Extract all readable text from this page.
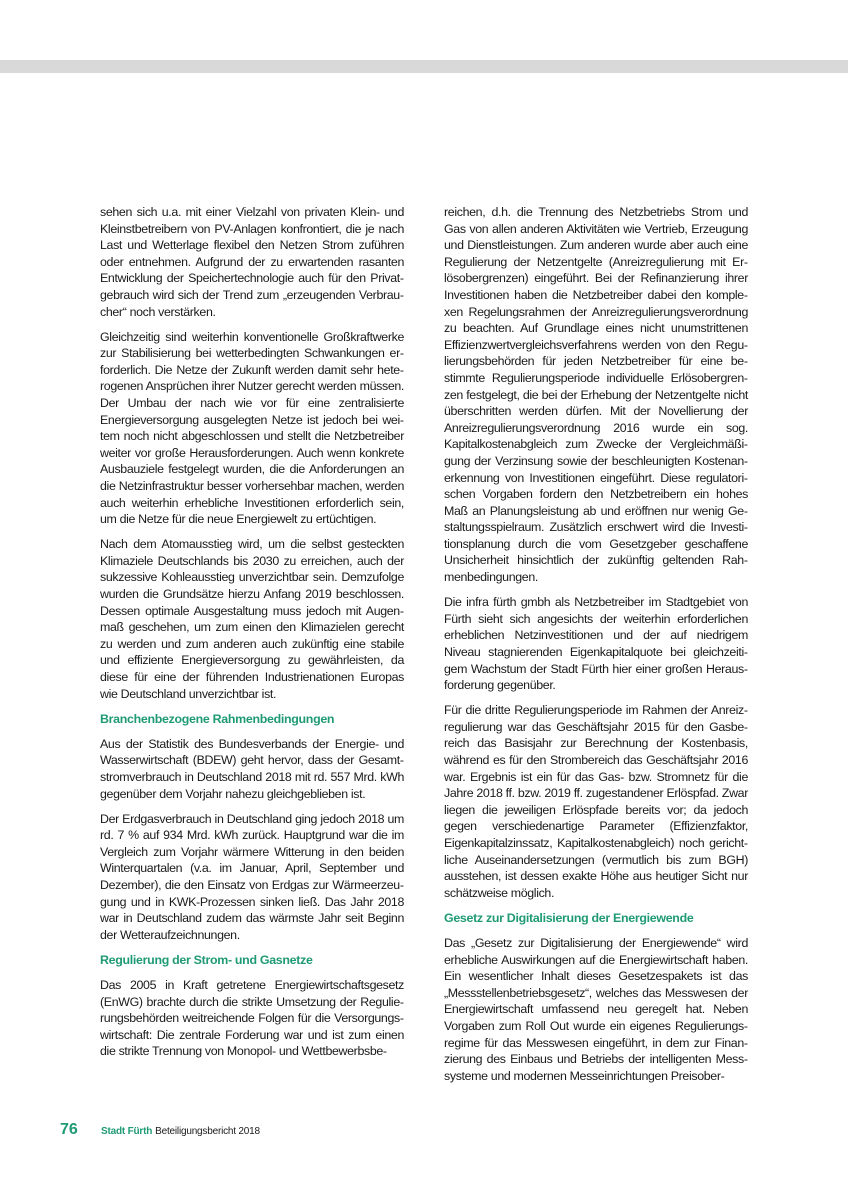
sehen sich u.a. mit einer Vielzahl von privaten Klein- und Kleinstbetreibern von PV-Anlagen konfrontiert, die je nach Last und Wetterlage flexibel den Netzen Strom zuführen oder entnehmen. Aufgrund der zu erwartenden rasanten Entwicklung der Speichertechnologie auch für den Privatgebrauch wird sich der Trend zum „erzeugenden Verbraucher“ noch verstärken.

Gleichzeitig sind weiterhin konventionelle Großkraftwerke zur Stabilisierung bei wetterbedingten Schwankungen erforderlich. Die Netze der Zukunft werden damit sehr heterogenen Ansprüchen ihrer Nutzer gerecht werden müssen. Der Umbau der nach wie vor für eine zentralisierte Energieversorgung ausgelegten Netze ist jedoch bei weitem noch nicht abgeschlossen und stellt die Netzbetreiber weiter vor große Herausforderungen. Auch wenn konkrete Ausbauziele festgelegt wurden, die die Anforderungen an die Netzinfrastruktur besser vorhersehbar machen, werden auch weiterhin erhebliche Investitionen erforderlich sein, um die Netze für die neue Energiewelt zu ertüchtigen.

Nach dem Atomausstieg wird, um die selbst gesteckten Klimaziele Deutschlands bis 2030 zu erreichen, auch der sukzessive Kohleausstieg unverzichtbar sein. Demzufolge wurden die Grundsätze hierzu Anfang 2019 beschlossen. Dessen optimale Ausgestaltung muss jedoch mit Augenmaß geschehen, um zum einen den Klimazielen gerecht zu werden und zum anderen auch zukünftig eine stabile und effiziente Energieversorgung zu gewährleisten, da diese für eine der führenden Industrienationen Europas wie Deutschland unverzichtbar ist.

Branchenbezogene Rahmenbedingungen

Aus der Statistik des Bundesverbands der Energie- und Wasserwirtschaft (BDEW) geht hervor, dass der Gesamtstromverbrauch in Deutschland 2018 mit rd. 557 Mrd. kWh gegenüber dem Vorjahr nahezu gleichgeblieben ist.

Der Erdgasverbrauch in Deutschland ging jedoch 2018 um rd. 7 % auf 934 Mrd. kWh zurück. Hauptgrund war die im Vergleich zum Vorjahr wärmere Witterung in den beiden Winterquartalen (v.a. im Januar, April, September und Dezember), die den Einsatz von Erdgas zur Wärmeerzeugung und in KWK-Prozessen sinken ließ. Das Jahr 2018 war in Deutschland zudem das wärmste Jahr seit Beginn der Wetteraufzeichnungen.

Regulierung der Strom- und Gasnetze

Das 2005 in Kraft getretene Energiewirtschaftsgesetz (EnWG) brachte durch die strikte Umsetzung der Regulierungsbehörden weitreichende Folgen für die Versorgungswirtschaft: Die zentrale Forderung war und ist zum einen die strikte Trennung von Monopol- und Wettbewerbsbe-

reichen, d.h. die Trennung des Netzbetriebs Strom und Gas von allen anderen Aktivitäten wie Vertrieb, Erzeugung und Dienstleistungen. Zum anderen wurde aber auch eine Regulierung der Netzentgelte (Anreizregulierung mit Erlösobergrenzen) eingeführt. Bei der Refinanzierung ihrer Investitionen haben die Netzbetreiber dabei den komplexen Regelungsrahmen der Anreizregulierungsverordnung zu beachten. Auf Grundlage eines nicht unumstrittenen Effizienzwertvergleichsverfahrens werden von den Regulierungsbehörden für jeden Netzbetreiber für eine bestimmte Regulierungsperiode individuelle Erlösobergrenzen festgelegt, die bei der Erhebung der Netzentgelte nicht überschritten werden dürfen. Mit der Novellierung der Anreizregulierungsverordnung 2016 wurde ein sog. Kapitalkostenabgleich zum Zwecke der Vergleichmäßigung der Verzinsung sowie der beschleunigten Kostenanerkennung von Investitionen eingeführt. Diese regulatorischen Vorgaben fordern den Netzbetreibern ein hohes Maß an Planungsleistung ab und eröffnen nur wenig Gestaltungsspielraum. Zusätzlich erschwert wird die Investitionsplanung durch die vom Gesetzgeber geschaffene Unsicherheit hinsichtlich der zukünftig geltenden Rahmenbedingungen.

Die infra fürth gmbh als Netzbetreiber im Stadtgebiet von Fürth sieht sich angesichts der weiterhin erforderlichen erheblichen Netzinvestitionen und der auf niedrigem Niveau stagnierenden Eigenkapitalquote bei gleichzeitigem Wachstum der Stadt Fürth hier einer großen Herausforderung gegenüber.

Für die dritte Regulierungsperiode im Rahmen der Anreizregulierung war das Geschäftsjahr 2015 für den Gasbereich das Basisjahr zur Berechnung der Kostenbasis, während es für den Strombereich das Geschäftsjahr 2016 war. Ergebnis ist ein für das Gas- bzw. Stromnetz für die Jahre 2018 ff. bzw. 2019 ff. zugestandener Erlöspfad. Zwar liegen die jeweiligen Erlöspfade bereits vor; da jedoch gegen verschiedenartige Parameter (Effizienzfaktor, Eigenkapitalzinssatz, Kapitalkostenabgleich) noch gerichtliche Auseinandersetzungen (vermutlich bis zum BGH) ausstehen, ist dessen exakte Höhe aus heutiger Sicht nur schätzweise möglich.

Gesetz zur Digitalisierung der Energiewende

Das „Gesetz zur Digitalisierung der Energiewende“ wird erhebliche Auswirkungen auf die Energiewirtschaft haben. Ein wesentlicher Inhalt dieses Gesetzespakets ist das „Messstellenbetriebsgesetz“, welches das Messwesen der Energiewirtschaft umfassend neu geregelt hat. Neben Vorgaben zum Roll Out wurde ein eigenes Regulierungsregime für das Messwesen eingeführt, in dem zur Finanzierung des Einbaus und Betriebs der intelligenten Messsysteme und modernen Messeinrichtungen Preisober-

76	Stadt Fürth Beteiligungsbericht 2018
